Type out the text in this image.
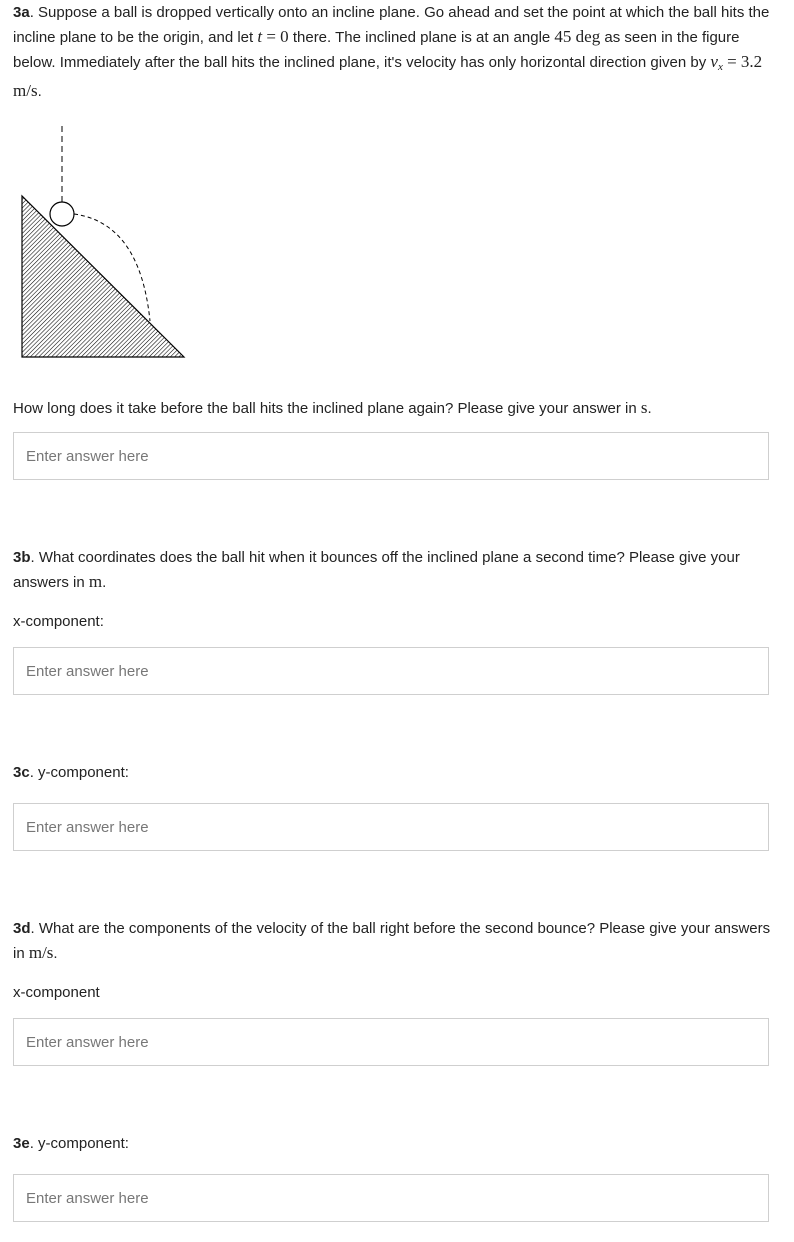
3a. Suppose a ball is dropped vertically onto an incline plane. Go ahead and set the point at which the ball hits the incline plane to be the origin, and let t = 0 there. The inclined plane is at an angle 45 deg as seen in the figure below. Immediately after the ball hits the inclined plane, it's velocity has only horizontal direction given by $v_x = 3.2$ m/s.

How long does it take before the ball hits the inclined plane again? Please give your answer in s.

Enter answer here

3b. What coordinates does the ball hit when it bounces off the inclined plane a second time? Please give your answers in m.

x-component:
Enter answer here
3c. y-component:
Enter answer here

3d. What are the components of the velocity of the ball right before the second bounce? Please give your answers in m/s.

x-component
Enter answer here
3e. y-component:
Enter answer here
